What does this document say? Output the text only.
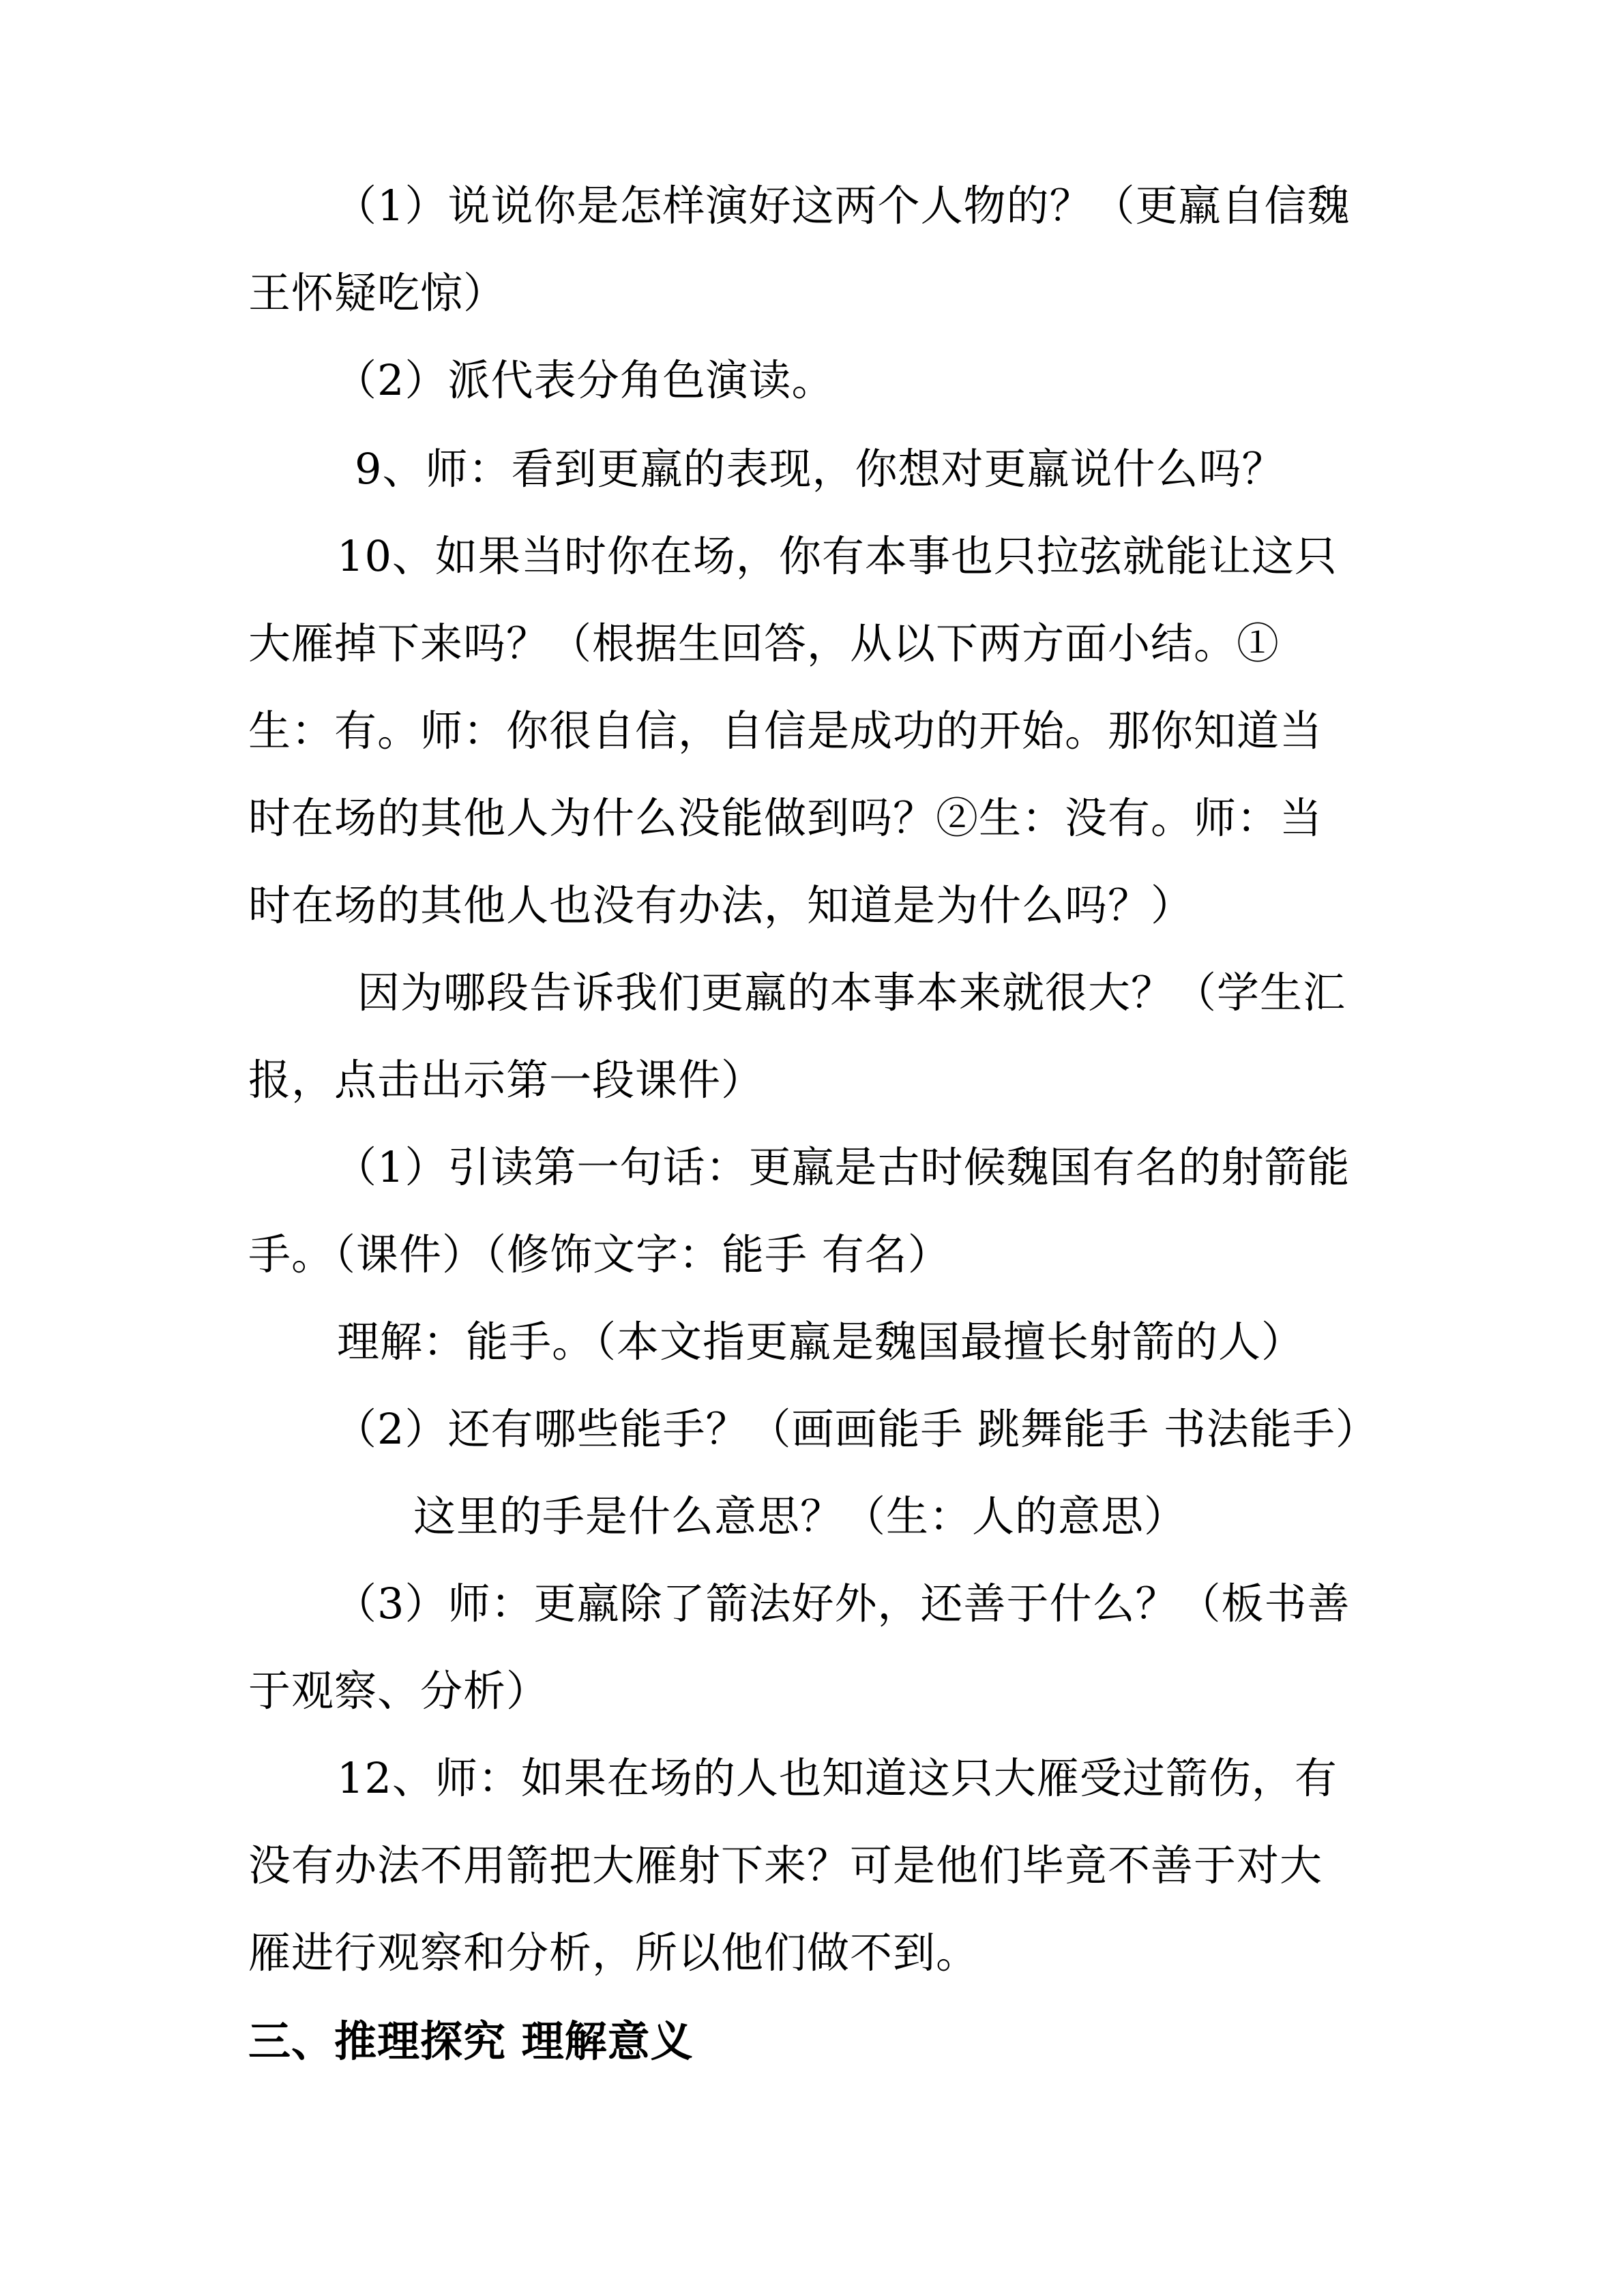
（1）说说你是怎样演好这两个人物的？（更羸自信魏
王怀疑吃惊）
（2）派代表分角色演读。
9、师：看到更羸的表现，你想对更羸说什么吗？
10、如果当时你在场，你有本事也只拉弦就能让这只
大雁掉下来吗？（根据生回答，从以下两方面小结。①
生：有。师：你很自信，自信是成功的开始。那你知道当
时在场的其他人为什么没能做到吗？②生：没有。师：当
时在场的其他人也没有办法，知道是为什么吗？）
因为哪段告诉我们更羸的本事本来就很大？（学生汇
报，点击出示第一段课件）
（1）引读第一句话：更羸是古时候魏国有名的射箭能
手。（课件）（修饰文字：能手 有名）
理解：能手。（本文指更羸是魏国最擅长射箭的人）
（2）还有哪些能手？（画画能手 跳舞能手 书法能手）
这里的手是什么意思？（生：人的意思）
（3）师：更羸除了箭法好外，还善于什么？（板书善
于观察、分析）
12、师：如果在场的人也知道这只大雁受过箭伤，有
没有办法不用箭把大雁射下来？可是他们毕竟不善于对大
雁进行观察和分析，所以他们做不到。
三、推理探究 理解意义
